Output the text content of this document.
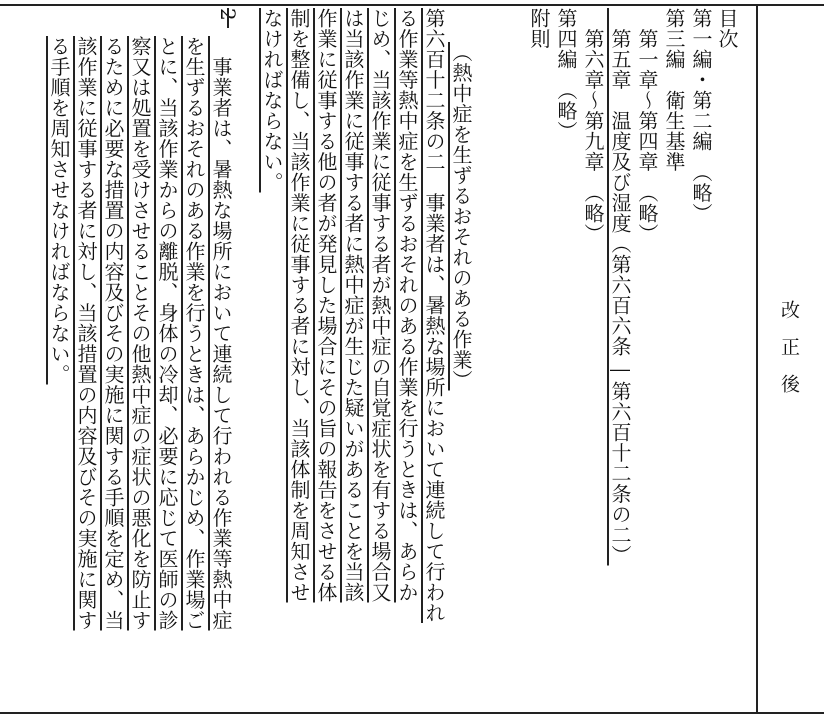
改正後
目次
第一編・第二編　（略）
第三編　衛生基準
　第一章～第四章　（略）
　第五章　温度及び湿度（第六百六条―第六百十二条の二）
　第六章～第九章　（略）
第四編　（略）
附則
（熱中症を生ずるおそれのある作業）
第六百十二条の二　事業者は、暑熱な場所において連続して行われ
る作業等熱中症を生ずるおそれのある作業を行うときは、あらか
じめ、当該作業に従事する者が熱中症の自覚症状を有する場合又
は当該作業に従事する者に熱中症が生じた疑いがあることを当該
作業に従事する他の者が発見した場合にその旨の報告をさせる体
制を整備し、当該作業に従事する者に対し、当該体制を周知させ
なければならない。
　事業者は、暑熱な場所において連続して行われる作業等熱中症
を生ずるおそれのある作業を行うときは、あらかじめ、作業場ご
とに、当該作業からの離脱、身体の冷却、必要に応じて医師の診
察又は処置を受けさせることその他熱中症の症状の悪化を防止す
るために必要な措置の内容及びその実施に関する手順を定め、当
該作業に従事する者に対し、当該措置の内容及びその実施に関す
る手順を周知させなければならない。
